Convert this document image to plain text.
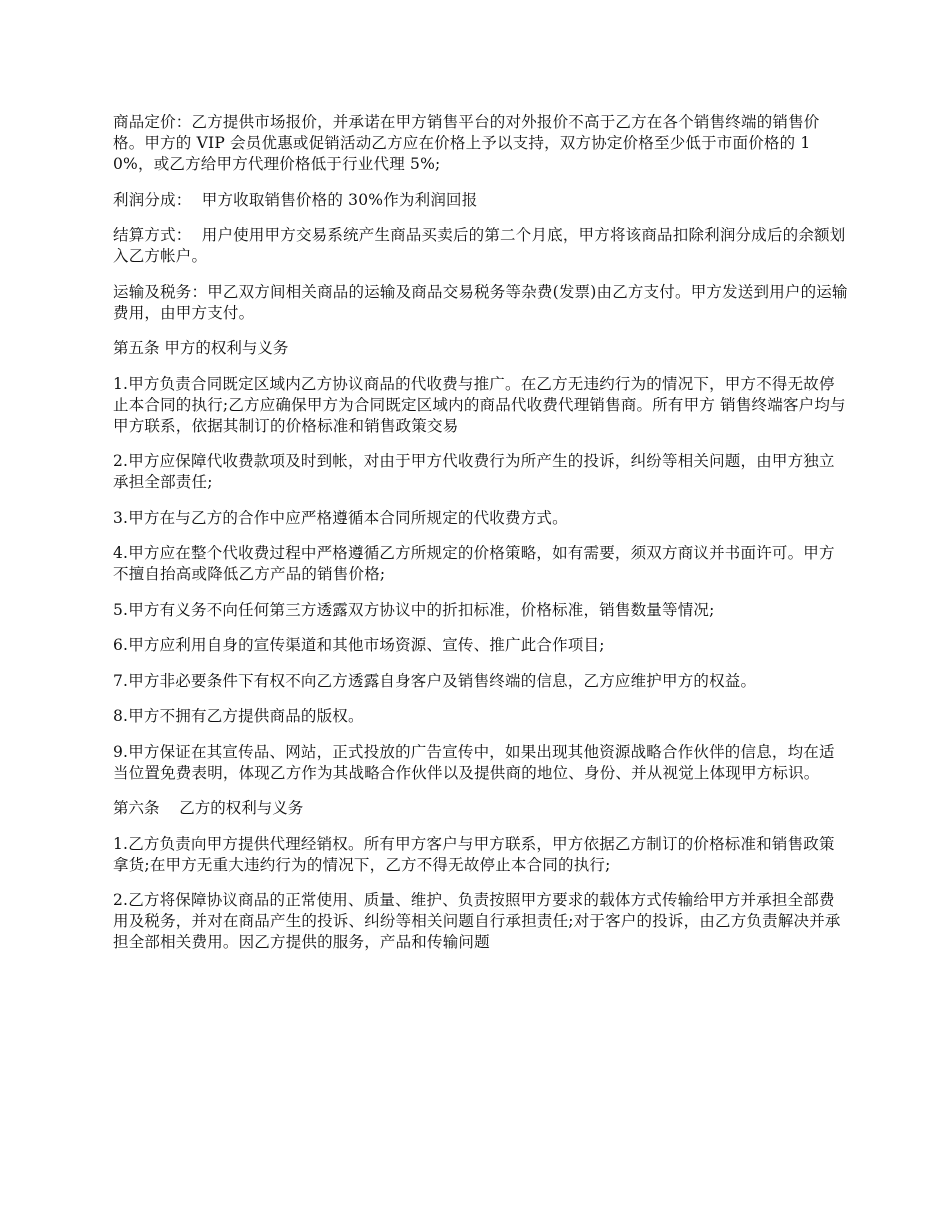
商品定价：乙方提供市场报价，并承诺在甲方销售平台的对外报价不高于乙方在各个销售终端的销售价格。甲方的 VIP 会员优惠或促销活动乙方应在价格上予以支持，双方协定价格至少低于市面价格的 10%，或乙方给甲方代理价格低于行业代理 5%;

利润分成：  甲方收取销售价格的 30%作为利润回报

结算方式：  用户使用甲方交易系统产生商品买卖后的第二个月底，甲方将该商品扣除利润分成后的余额划入乙方帐户。

运输及税务：甲乙双方间相关商品的运输及商品交易税务等杂费(发票)由乙方支付。甲方发送到用户的运输费用，由甲方支付。

第五条 甲方的权利与义务

1.甲方负责合同既定区域内乙方协议商品的代收费与推广。在乙方无违约行为的情况下，甲方不得无故停止本合同的执行;乙方应确保甲方为合同既定区域内的商品代收费代理销售商。所有甲方 销售终端客户均与甲方联系，依据其制订的价格标准和销售政策交易

2.甲方应保障代收费款项及时到帐，对由于甲方代收费行为所产生的投诉，纠纷等相关问题，由甲方独立承担全部责任;

3.甲方在与乙方的合作中应严格遵循本合同所规定的代收费方式。

4.甲方应在整个代收费过程中严格遵循乙方所规定的价格策略，如有需要，须双方商议并书面许可。甲方不擅自抬高或降低乙方产品的销售价格;

5.甲方有义务不向任何第三方透露双方协议中的折扣标准，价格标准，销售数量等情况;

6.甲方应利用自身的宣传渠道和其他市场资源、宣传、推广此合作项目;

7.甲方非必要条件下有权不向乙方透露自身客户及销售终端的信息，乙方应维护甲方的权益。

8.甲方不拥有乙方提供商品的版权。

9.甲方保证在其宣传品、网站，正式投放的广告宣传中，如果出现其他资源战略合作伙伴的信息，均在适当位置免费表明，体现乙方作为其战略合作伙伴以及提供商的地位、身份、并从视觉上体现甲方标识。

第六条    乙方的权利与义务

1.乙方负责向甲方提供代理经销权。所有甲方客户与甲方联系，甲方依据乙方制订的价格标准和销售政策拿货;在甲方无重大违约行为的情况下，乙方不得无故停止本合同的执行;

2.乙方将保障协议商品的正常使用、质量、维护、负责按照甲方要求的载体方式传输给甲方并承担全部费用及税务，并对在商品产生的投诉、纠纷等相关问题自行承担责任;对于客户的投诉，由乙方负责解决并承担全部相关费用。因乙方提供的服务，产品和传输问题
